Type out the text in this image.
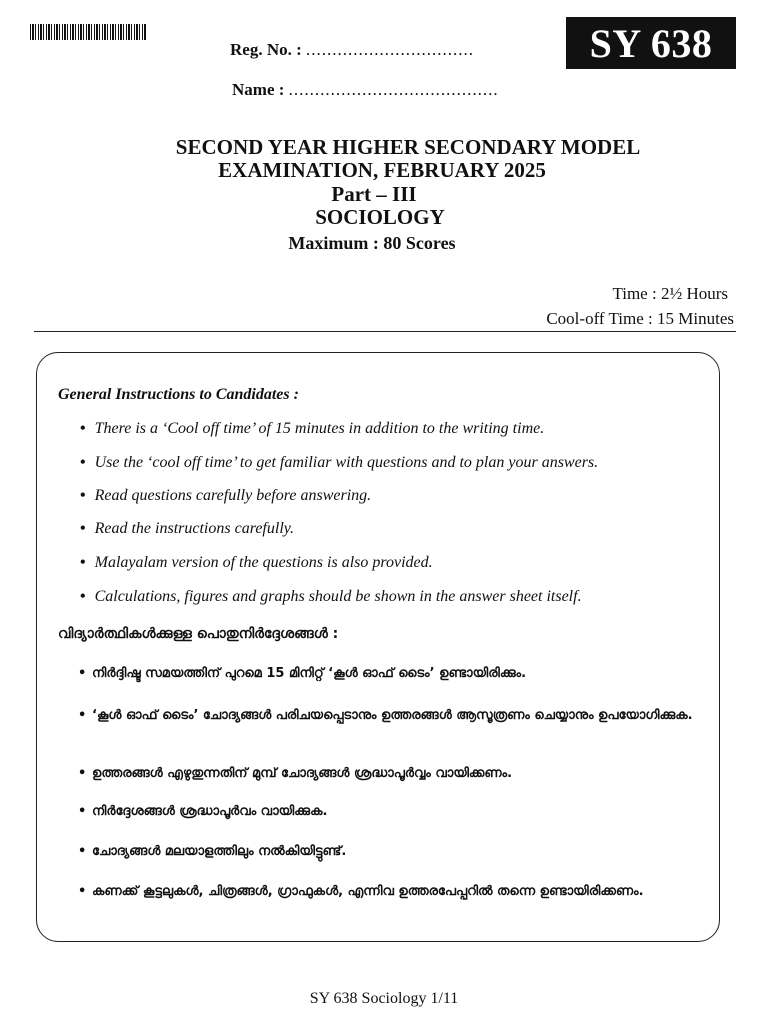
SY 638
Reg. No. : ................................
Name : ........................................
SECOND YEAR HIGHER SECONDARY MODEL
EXAMINATION, FEBRUARY 2025
Part – III
SOCIOLOGY
Maximum : 80 Scores
Time : 2½ Hours
Cool-off Time : 15 Minutes
General Instructions to Candidates :
• There is a ‘Cool off time’ of 15 minutes in addition to the writing time.
• Use the ‘cool off time’ to get familiar with questions and to plan your answers.
• Read questions carefully before answering.
• Read the instructions carefully.
• Malayalam version of the questions is also provided.
• Calculations, figures and graphs should be shown in the answer sheet itself.
വിദ്യാർത്ഥികൾക്കുള്ള പൊതുനിർദ്ദേശങ്ങൾ :
• നിർദ്ദിഷ്ട സമയത്തിന് പുറമെ 15 മിനിറ്റ് ‘കൂൾ ഓഫ് ടൈം’ ഉണ്ടായിരിക്കും.
• ‘കൂൾ ഓഫ് ടൈം’ ചോദ്യങ്ങൾ പരിചയപ്പെടാനും ഉത്തരങ്ങൾ ആസൂത്രണം ചെയ്യാനും ഉപയോഗിക്കുക.
• ഉത്തരങ്ങൾ എഴുതുന്നതിന് മുമ്പ് ചോദ്യങ്ങൾ ശ്രദ്ധാപൂർവ്വം വായിക്കണം.
• നിർദ്ദേശങ്ങൾ ശ്രദ്ധാപൂർവം വായിക്കുക.
• ചോദ്യങ്ങൾ മലയാളത്തിലും നൽകിയിട്ടുണ്ട്.
• കണക്ക് കൂട്ടലുകൾ, ചിത്രങ്ങൾ, ഗ്രാഫുകൾ, എന്നിവ ഉത്തരപേപ്പറിൽ തന്നെ ഉണ്ടായിരിക്കണം.
SY 638 Sociology 1/11
